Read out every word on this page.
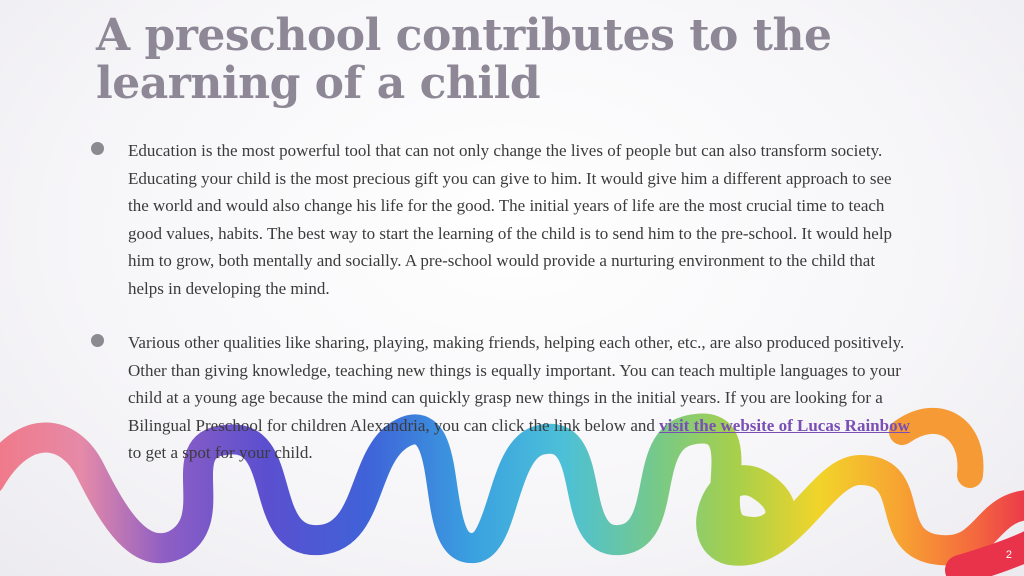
A preschool contributes to the learning of a child

Education is the most powerful tool that can not only change the lives of people but can also transform society. Educating your child is the most precious gift you can give to him. It would give him a different approach to see the world and would also change his life for the good. The initial years of life are the most crucial time to teach good values, habits. The best way to start the learning of the child is to send him to the pre-school. It would help him to grow, both mentally and socially. A pre-school would provide a nurturing environment to the child that helps in developing the mind.

Various other qualities like sharing, playing, making friends, helping each other, etc., are also produced positively. Other than giving knowledge, teaching new things is equally important. You can teach multiple languages to your child at a young age because the mind can quickly grasp new things in the initial years. If you are looking for a Bilingual Preschool for children Alexandria, you can click the link below and visit the website of Lucas Rainbow to get a spot for your child.

2
